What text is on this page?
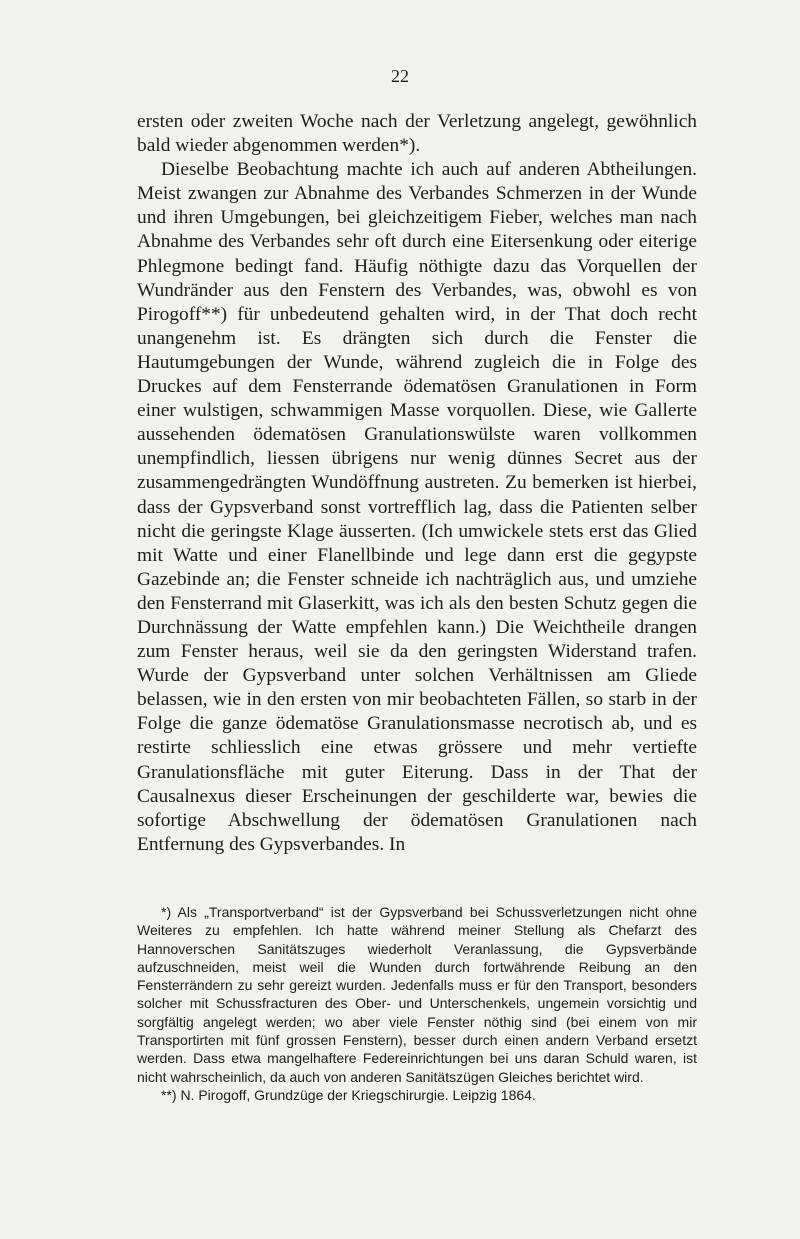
22

ersten oder zweiten Woche nach der Verletzung angelegt, gewöhnlich bald wieder abgenommen werden*).

Dieselbe Beobachtung machte ich auch auf anderen Abtheilungen. Meist zwangen zur Abnahme des Verbandes Schmerzen in der Wunde und ihren Umgebungen, bei gleichzeitigem Fieber, welches man nach Abnahme des Verbandes sehr oft durch eine Eitersenkung oder eiterige Phlegmone bedingt fand. Häufig nöthigte dazu das Vorquellen der Wundränder aus den Fenstern des Verbandes, was, obwohl es von Pirogoff**) für unbedeutend gehalten wird, in der That doch recht unangenehm ist. Es drängten sich durch die Fenster die Hautumgebungen der Wunde, während zugleich die in Folge des Druckes auf dem Fensterrande ödematösen Granulationen in Form einer wulstigen, schwammigen Masse vorquollen. Diese, wie Gallerte aussehenden ödematösen Granulationswülste waren vollkommen unempfindlich, liessen übrigens nur wenig dünnes Secret aus der zusammengedrängten Wundöffnung austreten. Zu bemerken ist hierbei, dass der Gypsverband sonst vortrefflich lag, dass die Patienten selber nicht die geringste Klage äusserten. (Ich umwickele stets erst das Glied mit Watte und einer Flanellbinde und lege dann erst die gegypste Gazebinde an; die Fenster schneide ich nachträglich aus, und umziehe den Fensterrand mit Glaserkitt, was ich als den besten Schutz gegen die Durchnässung der Watte empfehlen kann.) Die Weichtheile drangen zum Fenster heraus, weil sie da den geringsten Widerstand trafen. Wurde der Gypsverband unter solchen Verhältnissen am Gliede belassen, wie in den ersten von mir beobachteten Fällen, so starb in der Folge die ganze ödematöse Granulationsmasse necrotisch ab, und es restirte schliesslich eine etwas grössere und mehr vertiefte Granulationsfläche mit guter Eiterung. Dass in der That der Causalnexus dieser Erscheinungen der geschilderte war, bewies die sofortige Abschwellung der ödematösen Granulationen nach Entfernung des Gypsverbandes. In

*) Als „Transportverband“ ist der Gypsverband bei Schussverletzungen nicht ohne Weiteres zu empfehlen. Ich hatte während meiner Stellung als Chefarzt des Hannoverschen Sanitätszuges wiederholt Veranlassung, die Gypsverbände aufzuschneiden, meist weil die Wunden durch fortwährende Reibung an den Fensterrändern zu sehr gereizt wurden. Jedenfalls muss er für den Transport, besonders solcher mit Schussfracturen des Ober- und Unterschenkels, ungemein vorsichtig und sorgfältig angelegt werden; wo aber viele Fenster nöthig sind (bei einem von mir Transportirten mit fünf grossen Fenstern), besser durch einen andern Verband ersetzt werden. Dass etwa mangelhaftere Federeinrichtungen bei uns daran Schuld waren, ist nicht wahrscheinlich, da auch von anderen Sanitätszügen Gleiches berichtet wird.

**) N. Pirogoff, Grundzüge der Kriegschirurgie. Leipzig 1864.
